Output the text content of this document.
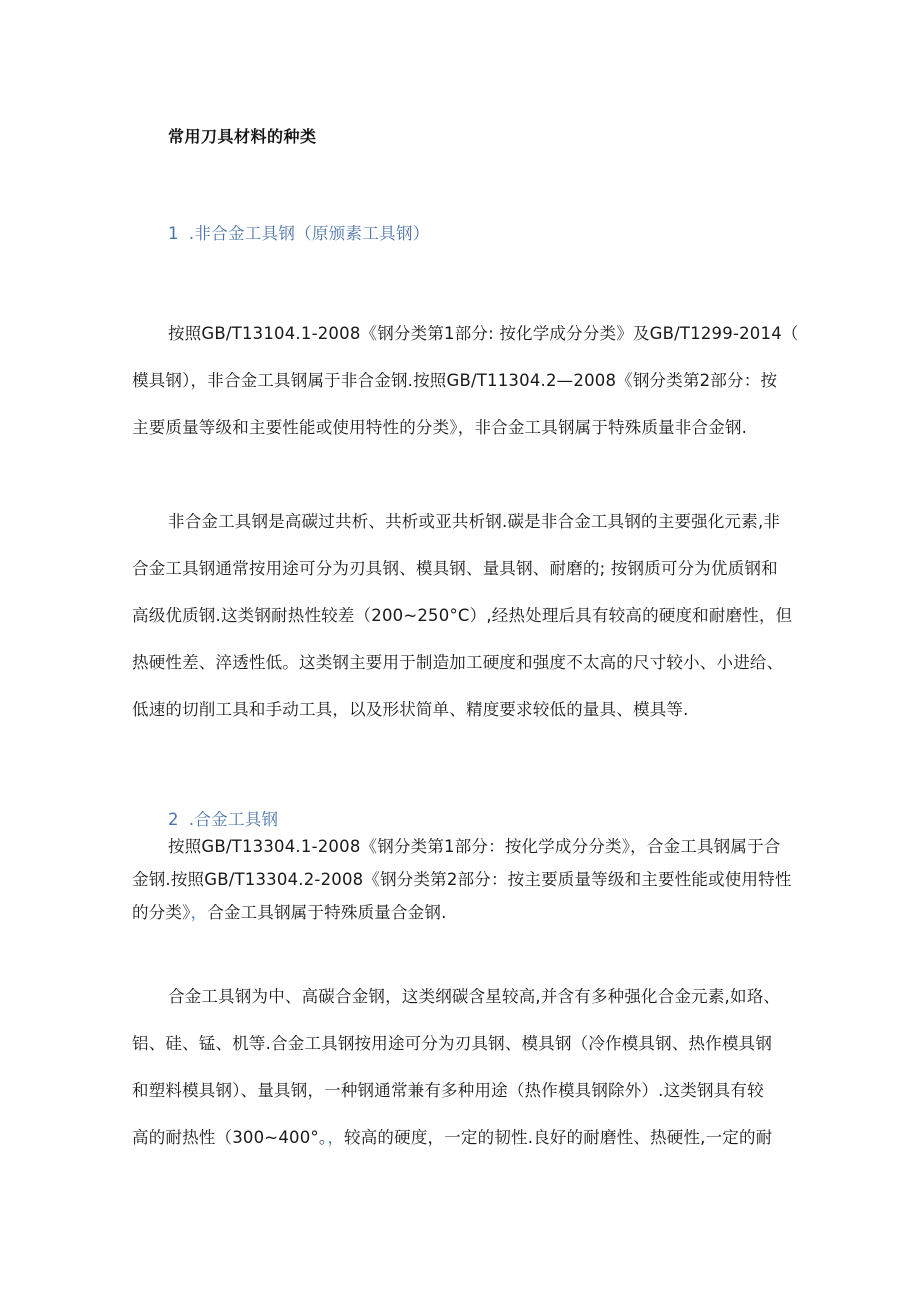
常用刀具材料的种类
1 .非合金工具钢（原颁素工具钢）
按照GB/T13104.1-2008《钢分类第1部分: 按化学成分分类》及GB/T1299-2014（
模具钢），非合金工具钢属于非合金钢.按照GB/T11304.2—2008《钢分类第2部分：按
主要质量等级和主要性能或使用特性的分类》，非合金工具钢属于特殊质量非合金钢.
非合金工具钢是高碳过共析、共析或亚共析钢.碳是非合金工具钢的主要强化元素,非
合金工具钢通常按用途可分为刃具钢、模具钢、量具钢、耐磨的; 按钢质可分为优质钢和
高级优质钢.这类钢耐热性较差（200~250°C）,经热处理后具有较高的硬度和耐磨性，但
热硬性差、淬透性低。这类钢主要用于制造加工硬度和强度不太高的尺寸较小、小进给、
低速的切削工具和手动工具，以及形状简单、精度要求较低的量具、模具等.
2 .合金工具钢
按照GB/T13304.1-2008《钢分类第1部分：按化学成分分类》，合金工具钢属于合
金钢.按照GB/T13304.2-2008《钢分类第2部分：按主要质量等级和主要性能或使用特性
的分类》，合金工具钢属于特殊质量合金钢.
合金工具钢为中、高碳合金钢，这类纲碳含星较高,并含有多种强化合金元素,如珞、
铝、硅、锰、机等.合金工具钢按用途可分为刃具钢、模具钢（冷作模具钢、热作模具钢
和塑料模具钢）、量具钢，一种钢通常兼有多种用途（热作模具钢除外）.这类钢具有较
高的耐热性（300~400°。，较高的硬度，一定的韧性.良好的耐磨性、热硬性,一定的耐
